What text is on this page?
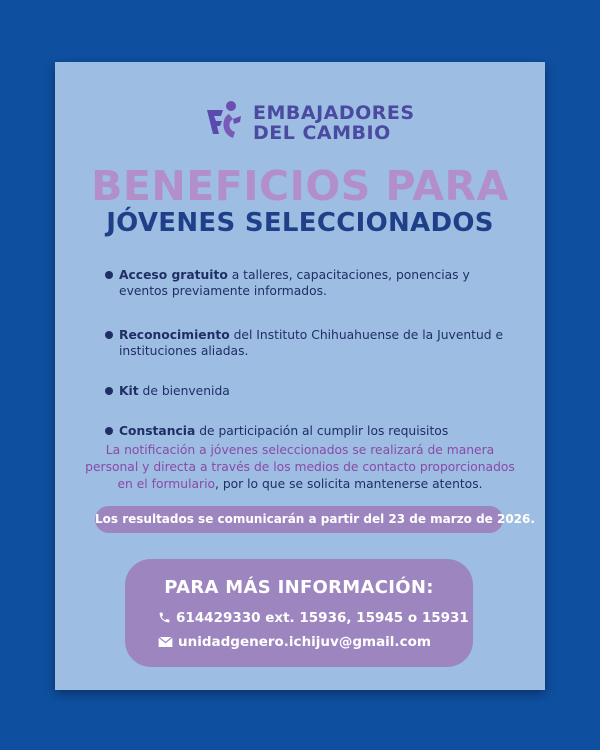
EMBAJADORES
DEL CAMBIO
BENEFICIOS PARA
JÓVENES SELECCIONADOS
Acceso gratuito a talleres, capacitaciones, ponencias y eventos previamente informados.
Reconocimiento del Instituto Chihuahuense de la Juventud e instituciones aliadas.
Kit de bienvenida
Constancia de participación al cumplir los requisitos
La notificación a jóvenes seleccionados se realizará de manera personal y directa a través de los medios de contacto proporcionados en el formulario, por lo que se solicita mantenerse atentos.
Los resultados se comunicarán a partir del 23 de marzo de 2026.
PARA MÁS INFORMACIÓN:
614429330 ext. 15936, 15945 o 15931
unidadgenero.ichijuv@gmail.com
